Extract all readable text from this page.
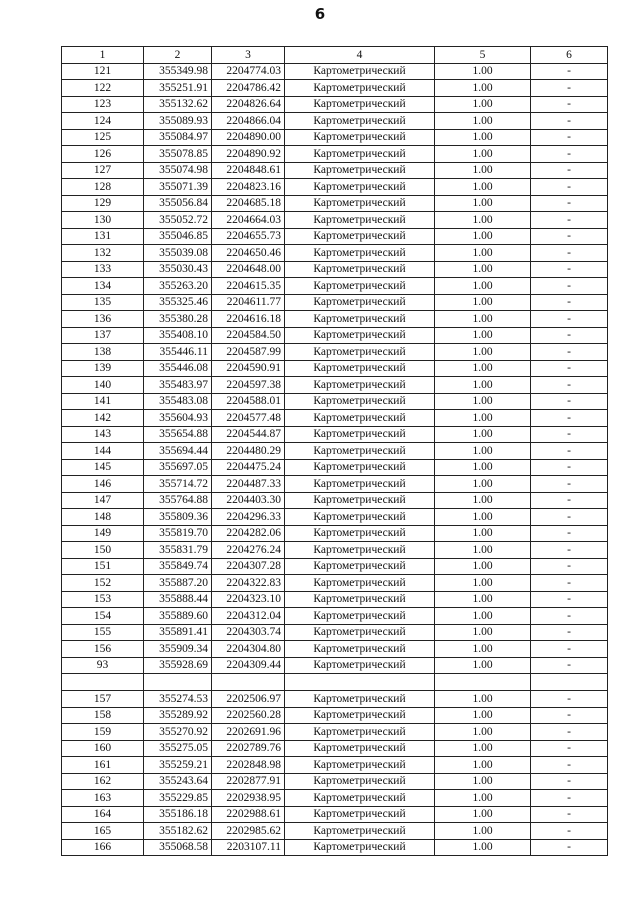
6
1	2	3	4	5	6
121	355349.98	2204774.03	Картометрический	1.00	-
122	355251.91	2204786.42	Картометрический	1.00	-
123	355132.62	2204826.64	Картометрический	1.00	-
124	355089.93	2204866.04	Картометрический	1.00	-
125	355084.97	2204890.00	Картометрический	1.00	-
126	355078.85	2204890.92	Картометрический	1.00	-
127	355074.98	2204848.61	Картометрический	1.00	-
128	355071.39	2204823.16	Картометрический	1.00	-
129	355056.84	2204685.18	Картометрический	1.00	-
130	355052.72	2204664.03	Картометрический	1.00	-
131	355046.85	2204655.73	Картометрический	1.00	-
132	355039.08	2204650.46	Картометрический	1.00	-
133	355030.43	2204648.00	Картометрический	1.00	-
134	355263.20	2204615.35	Картометрический	1.00	-
135	355325.46	2204611.77	Картометрический	1.00	-
136	355380.28	2204616.18	Картометрический	1.00	-
137	355408.10	2204584.50	Картометрический	1.00	-
138	355446.11	2204587.99	Картометрический	1.00	-
139	355446.08	2204590.91	Картометрический	1.00	-
140	355483.97	2204597.38	Картометрический	1.00	-
141	355483.08	2204588.01	Картометрический	1.00	-
142	355604.93	2204577.48	Картометрический	1.00	-
143	355654.88	2204544.87	Картометрический	1.00	-
144	355694.44	2204480.29	Картометрический	1.00	-
145	355697.05	2204475.24	Картометрический	1.00	-
146	355714.72	2204487.33	Картометрический	1.00	-
147	355764.88	2204403.30	Картометрический	1.00	-
148	355809.36	2204296.33	Картометрический	1.00	-
149	355819.70	2204282.06	Картометрический	1.00	-
150	355831.79	2204276.24	Картометрический	1.00	-
151	355849.74	2204307.28	Картометрический	1.00	-
152	355887.20	2204322.83	Картометрический	1.00	-
153	355888.44	2204323.10	Картометрический	1.00	-
154	355889.60	2204312.04	Картометрический	1.00	-
155	355891.41	2204303.74	Картометрический	1.00	-
156	355909.34	2204304.80	Картометрический	1.00	-
93	355928.69	2204309.44	Картометрический	1.00	-

157	355274.53	2202506.97	Картометрический	1.00	-
158	355289.92	2202560.28	Картометрический	1.00	-
159	355270.92	2202691.96	Картометрический	1.00	-
160	355275.05	2202789.76	Картометрический	1.00	-
161	355259.21	2202848.98	Картометрический	1.00	-
162	355243.64	2202877.91	Картометрический	1.00	-
163	355229.85	2202938.95	Картометрический	1.00	-
164	355186.18	2202988.61	Картометрический	1.00	-
165	355182.62	2202985.62	Картометрический	1.00	-
166	355068.58	2203107.11	Картометрический	1.00	-
